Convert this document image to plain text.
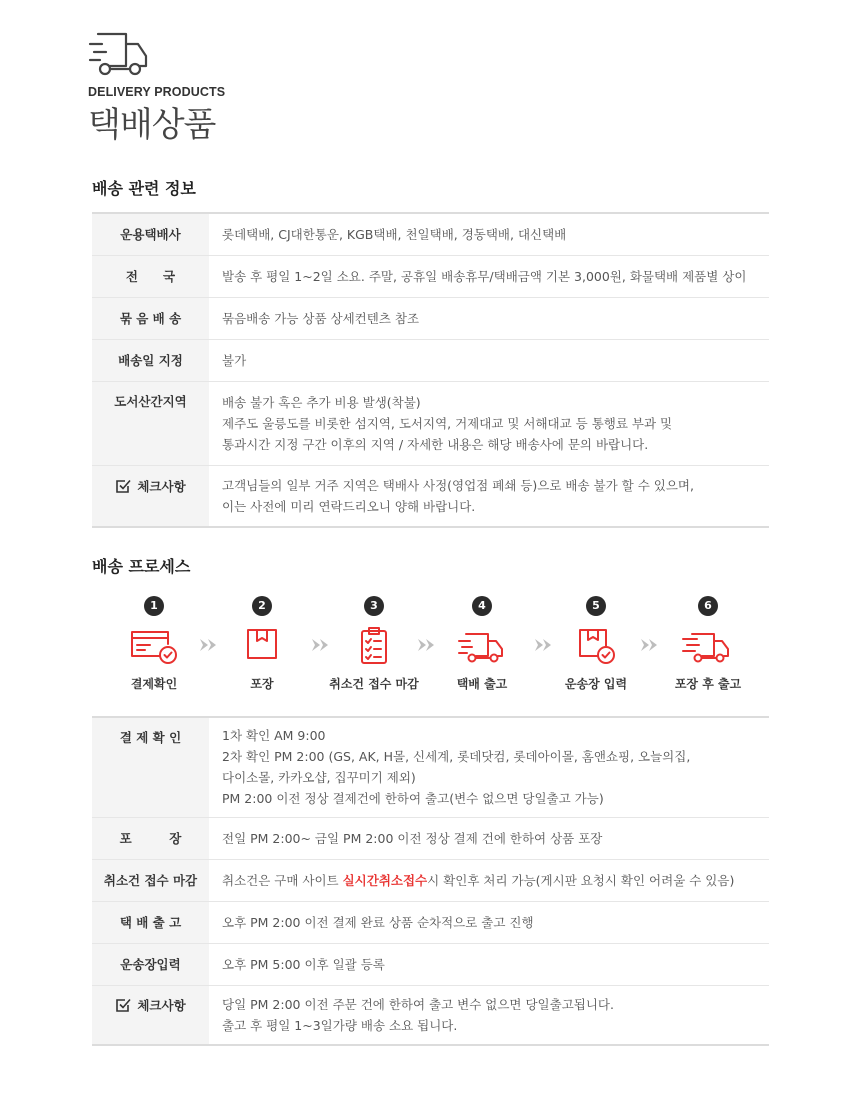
DELIVERY PRODUCTS
택배상품
배송 관련 정보
운용택배사	롯데택배, CJ대한통운, KGB택배, 천일택배, 경동택배, 대신택배

전　　국	발송 후 평일 1~2일 소요. 주말, 공휴일 배송휴무/택배금액 기본 3,000원, 화물택배 제품별 상이

묶 음 배 송	묶음배송 가능 상품 상세컨텐츠 참조

배송일 지정	불가

도서산간지역	배송 불가 혹은 추가 비용 발생(착불)
제주도 울릉도를 비롯한 섬지역, 도서지역, 거제대교 및 서해대교 등 통행료 부과 및
통과시간 지정 구간 이후의 지역 / 자세한 내용은 해당 배송사에 문의 바랍니다.

체크사항	고객님들의 일부 거주 지역은 택배사 사정(영업점 폐쇄 등)으로 배송 불가 할 수 있으며,
이는 사전에 미리 연락드리오니 양해 바랍니다.
배송 프로세스
1
결제확인
2
포장
3
취소건 접수 마감
4
택배 출고
5
운송장 입력
6
포장 후 출고
결 제 확 인	1차 확인 AM 9:00
2차 확인 PM 2:00 (GS, AK, H몰, 신세계, 롯데닷컴, 롯데아이몰, 홈앤쇼핑, 오늘의집,
다이소몰, 카카오샵, 집꾸미기 제외)
PM 2:00 이전 정상 결제건에 한하여 출고(변수 없으면 당일출고 가능)

포　　　장	전일 PM 2:00~ 금일 PM 2:00 이전 정상 결제 건에 한하여 상품 포장

취소건 접수 마감	취소건은 구매 사이트 실시간취소접수시 확인후 처리 가능(게시판 요청시 확인 어려울 수 있음)

택 배 출 고	오후 PM 2:00 이전 결제 완료 상품 순차적으로 출고 진행

운송장입력	오후 PM 5:00 이후 일괄 등록

체크사항	당일 PM 2:00 이전 주문 건에 한하여 출고 변수 없으면 당일출고됩니다.
출고 후 평일 1~3일가량 배송 소요 됩니다.
